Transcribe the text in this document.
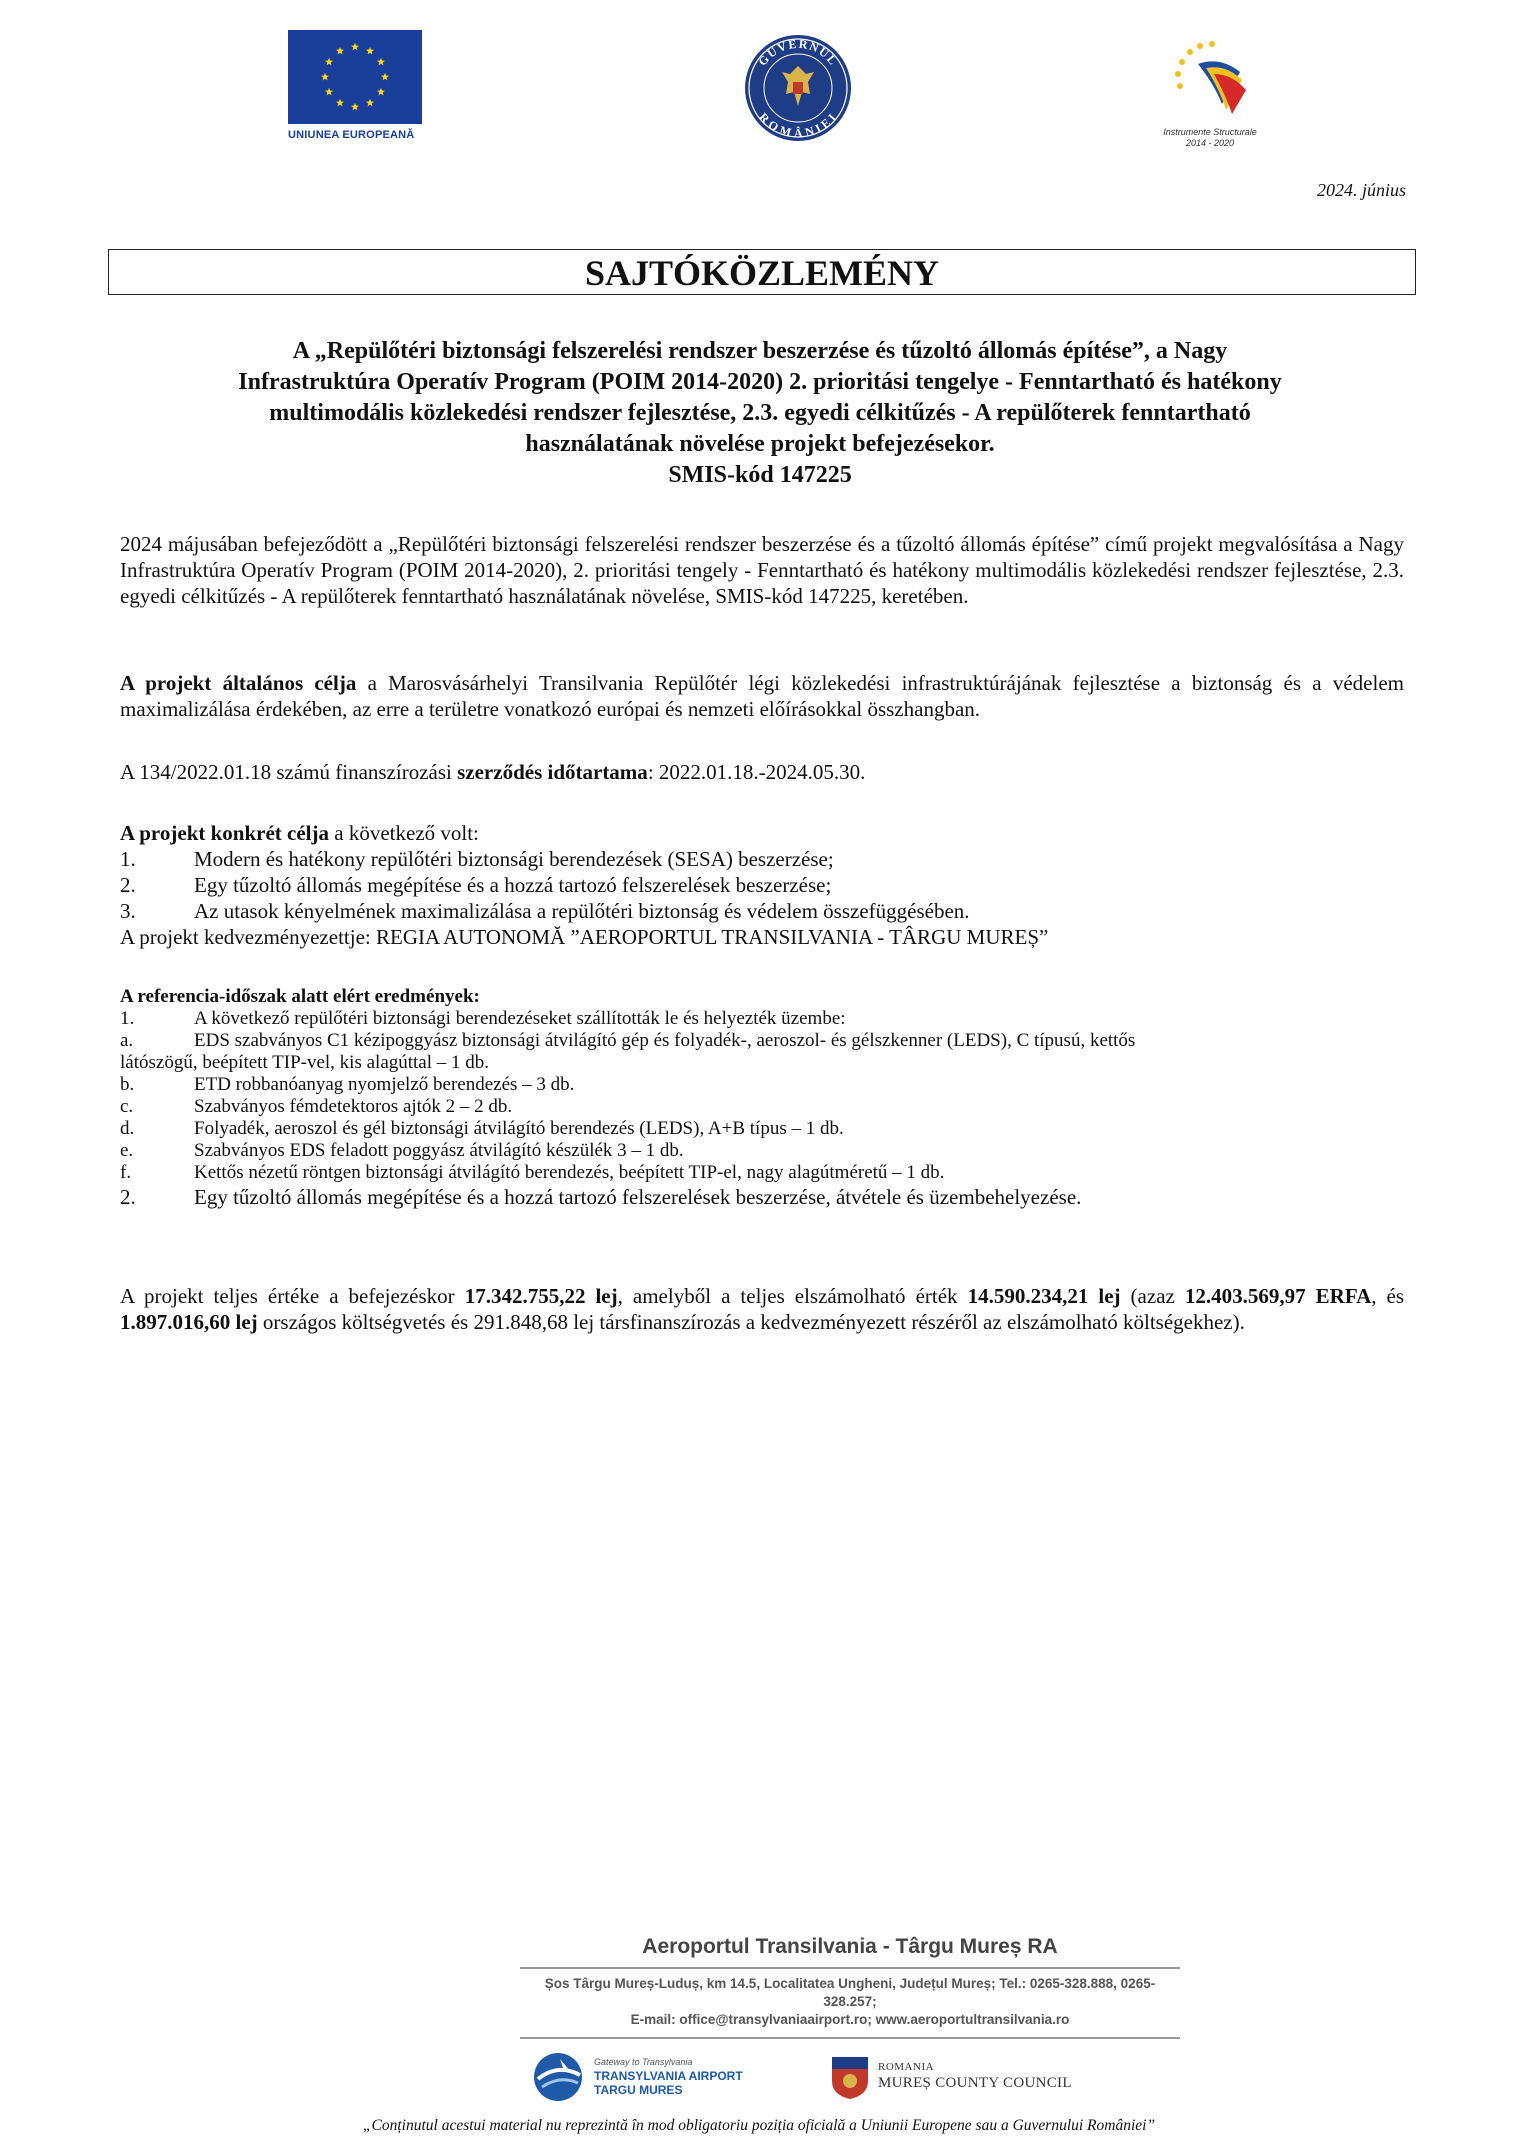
UNIUNEA EUROPEANĂ
GUVERNUL
ROMÂNIEI
Instrumente Structurale
2014 - 2020
2024. június
SAJTÓKÖZLEMÉNY
A „Repülőtéri biztonsági felszerelési rendszer beszerzése és tűzoltó állomás építése”, a Nagy
Infrastruktúra Operatív Program (POIM 2014-2020) 2. prioritási tengelye - Fenntartható és hatékony
multimodális közlekedési rendszer fejlesztése, 2.3. egyedi célkitűzés - A repülőterek fenntartható
használatának növelése projekt befejezésekor.
SMIS-kód 147225
2024 májusában befejeződött a „Repülőtéri biztonsági felszerelési rendszer beszerzése és a tűzoltó állomás építése” című projekt megvalósítása a Nagy Infrastruktúra Operatív Program (POIM 2014-2020), 2. prioritási tengely - Fenntartható és hatékony multimodális közlekedési rendszer fejlesztése, 2.3. egyedi célkitűzés - A repülőterek fenntartható használatának növelése, SMIS-kód 147225, keretében.
A projekt általános célja a Marosvásárhelyi Transilvania Repülőtér légi közlekedési infrastruktúrájának fejlesztése a biztonság és a védelem maximalizálása érdekében, az erre a területre vonatkozó európai és nemzeti előírásokkal összhangban.
A 134/2022.01.18 számú finanszírozási szerződés időtartama: 2022.01.18.-2024.05.30.
A projekt konkrét célja a következő volt:
1.	Modern és hatékony repülőtéri biztonsági berendezések (SESA) beszerzése;
2.	Egy tűzoltó állomás megépítése és a hozzá tartozó felszerelések beszerzése;
3.	Az utasok kényelmének maximalizálása a repülőtéri biztonság és védelem összefüggésében.
A projekt kedvezményezettje: REGIA AUTONOMĂ ”AEROPORTUL TRANSILVANIA - TÂRGU MUREȘ”
A referencia-időszak alatt elért eredmények:
1.	A következő repülőtéri biztonsági berendezéseket szállították le és helyezték üzembe:
a.	EDS szabványos C1 kézipoggyász biztonsági átvilágító gép és folyadék-, aeroszol- és gélszkenner (LEDS), C típusú, kettős
látószögű, beépített TIP-vel, kis alagúttal – 1 db.
b.	ETD robbanóanyag nyomjelző berendezés – 3 db.
c.	Szabványos fémdetektoros ajtók 2 – 2 db.
d.	Folyadék, aeroszol és gél biztonsági átvilágító berendezés (LEDS), A+B típus – 1 db.
e.	Szabványos EDS feladott poggyász átvilágító készülék 3 – 1 db.
f.	Kettős nézetű röntgen biztonsági átvilágító berendezés, beépített TIP-el, nagy alagútméretű – 1 db.
2.	Egy tűzoltó állomás megépítése és a hozzá tartozó felszerelések beszerzése, átvétele és üzembehelyezése.
A projekt teljes értéke a befejezéskor 17.342.755,22 lej, amelyből a teljes elszámolható érték 14.590.234,21 lej (azaz 12.403.569,97 ERFA, és 1.897.016,60 lej országos költségvetés és 291.848,68 lej társfinanszírozás a kedvezményezett részéről az elszámolható költségekhez).
Aeroportul Transilvania - Târgu Mureș RA
Șos Târgu Mureș-Luduș, km 14.5, Localitatea Ungheni, Județul Mureș; Tel.: 0265-328.888, 0265-328.257;
E-mail: office@transylvaniaairport.ro; www.aeroportultransilvania.ro
Gateway to Transylvania
TRANSYLVANIA AIRPORT
TARGU MURES
ROMANIA
MUREȘ COUNTY COUNCIL
„Conținutul acestui material nu reprezintă în mod obligatoriu poziția oficială a Uniunii Europene sau a Guvernului României”
